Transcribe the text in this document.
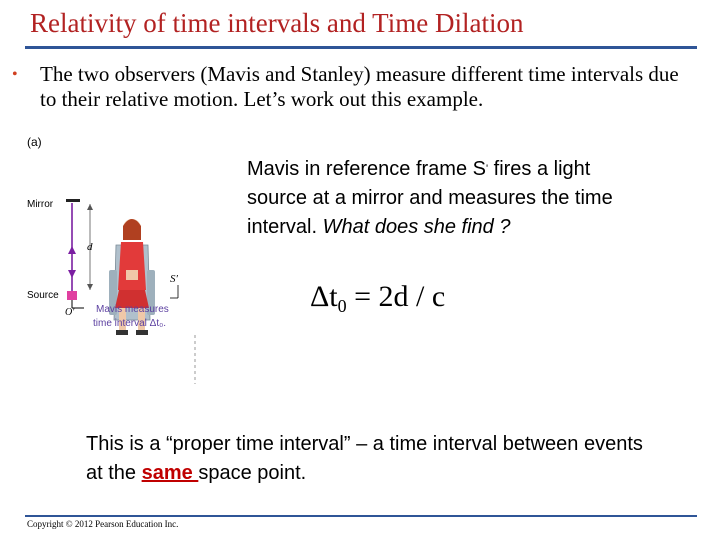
Relativity of time intervals and Time Dilation
• The two observers (Mavis and Stanley) measure different time intervals due to their relative motion. Let’s work out this example.
(a)
Mirror
d
Source
O′
S′
Mavis measures
time interval Δt₀.
Mavis in reference frame S' fires a light source at a mirror and measures the time interval. What does she find ?
$\Delta t_0 = 2d / c$
This is a “proper time interval” – a time interval between events at the same space point.
Copyright © 2012 Pearson Education Inc.
